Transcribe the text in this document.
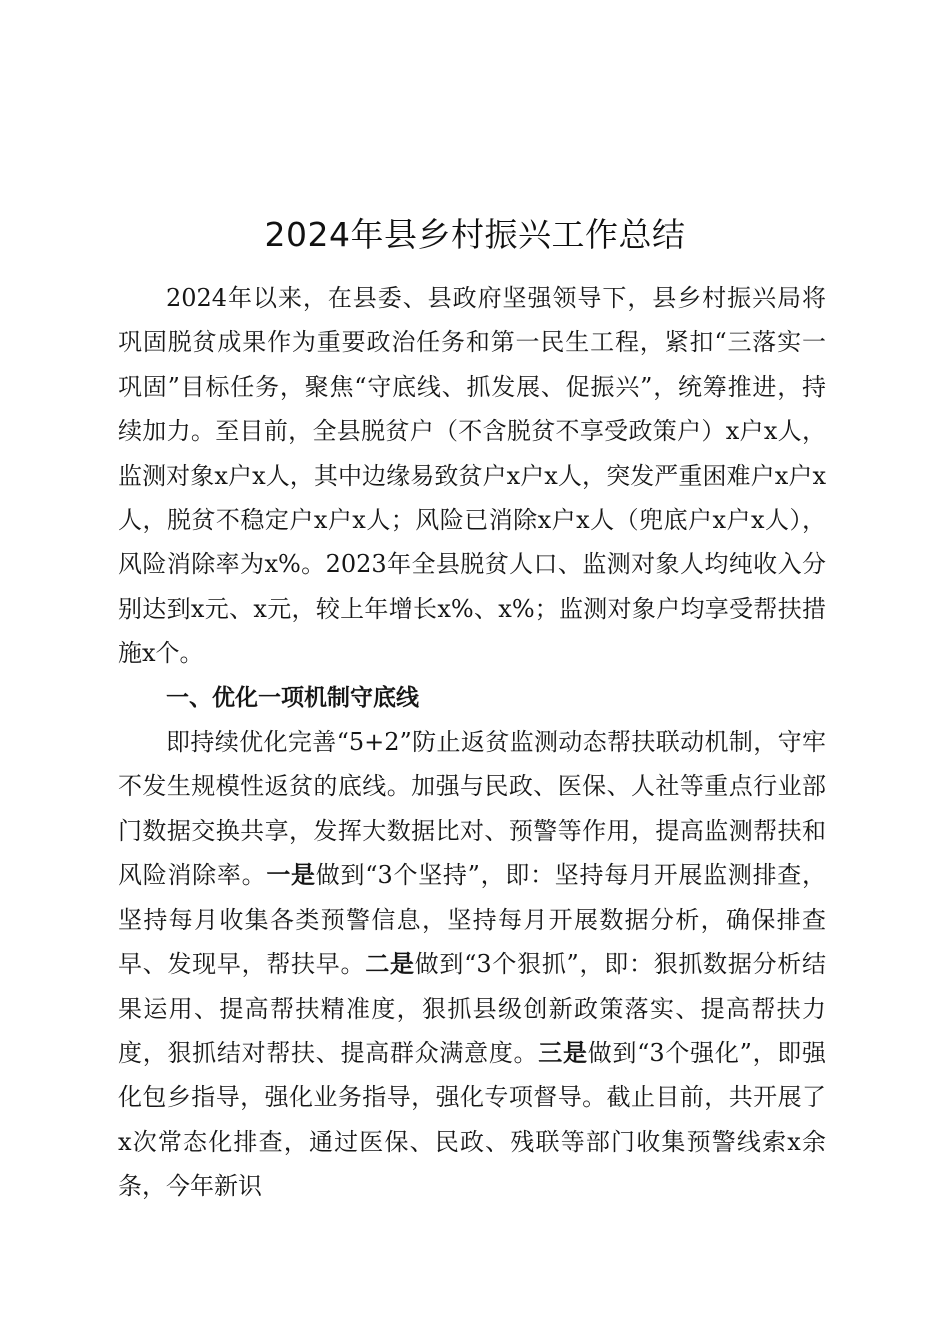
2024年县乡村振兴工作总结

2024年以来，在县委、县政府坚强领导下，县乡村振兴局将巩固脱贫成果作为重要政治任务和第一民生工程，紧扣“三落实一巩固”目标任务，聚焦“守底线、抓发展、促振兴”，统筹推进，持续加力。至目前，全县脱贫户（不含脱贫不享受政策户）x户x人，监测对象x户x人，其中边缘易致贫户x户x人，突发严重困难户x户x人，脱贫不稳定户x户x人；风险已消除x户x人（兜底户x户x人），风险消除率为x%。2023年全县脱贫人口、监测对象人均纯收入分别达到x元、x元，较上年增长x%、x%；监测对象户均享受帮扶措施x个。

一、优化一项机制守底线

即持续优化完善“5+2”防止返贫监测动态帮扶联动机制，守牢不发生规模性返贫的底线。加强与民政、医保、人社等重点行业部门数据交换共享，发挥大数据比对、预警等作用，提高监测帮扶和风险消除率。一是做到“3个坚持”，即：坚持每月开展监测排查，坚持每月收集各类预警信息，坚持每月开展数据分析，确保排查早、发现早，帮扶早。二是做到“3个狠抓”，即：狠抓数据分析结果运用、提高帮扶精准度，狠抓县级创新政策落实、提高帮扶力度，狠抓结对帮扶、提高群众满意度。三是做到“3个强化”，即强化包乡指导，强化业务指导，强化专项督导。截止目前，共开展了x次常态化排查，通过医保、民政、残联等部门收集预警线索x余条，今年新识
